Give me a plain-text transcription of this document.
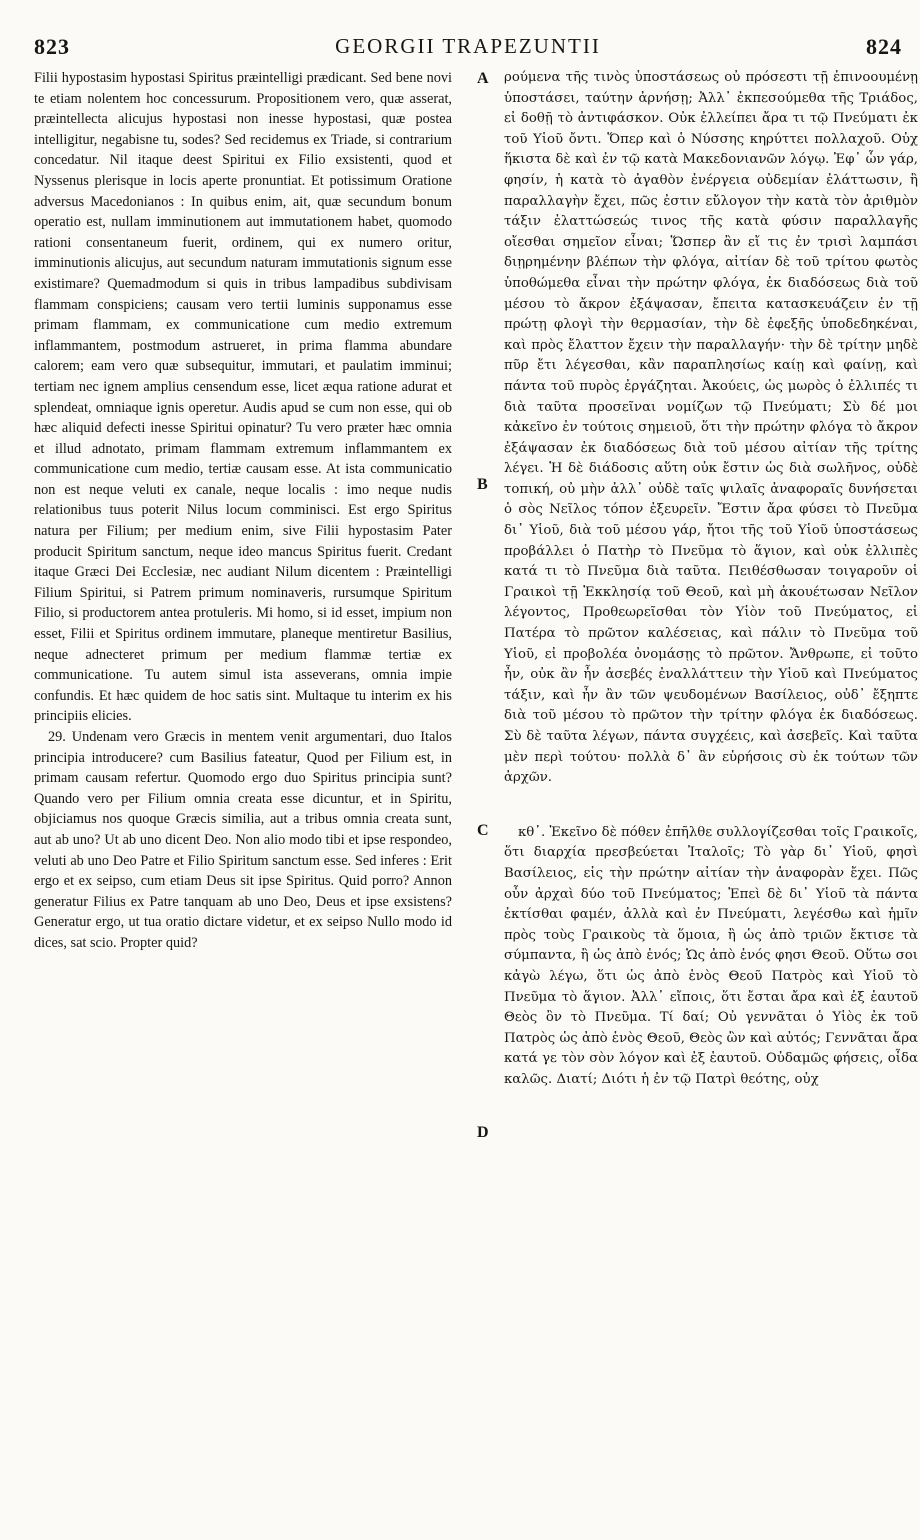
823	GEORGII TRAPEZUNTII	824

Filii hypostasim hypostasi Spiritus præintelligi prædicant. Sed bene novi te etiam nolentem hoc concessurum. Propositionem vero, quæ asserat, præintellecta alicujus hypostasi non inesse hypostasi, quæ postea intelligitur, negabisne tu, sodes? Sed recidemus ex Triade, si contrarium concedatur. Nil itaque deest Spiritui ex Filio exsistenti, quod et Nyssenus plerisque in locis aperte pronuntiat. Et potissimum Oratione adversus Macedonianos : In quibus enim, ait, quæ secundum bonum operatio est, nullam imminutionem aut immutationem habet, quomodo rationi consentaneum fuerit, ordinem, qui ex numero oritur, imminutionis alicujus, aut secundum naturam immutationis signum esse existimare? Quemadmodum si quis in tribus lampadibus subdivisam flammam conspiciens; causam vero tertii luminis supponamus esse primam flammam, ex communicatione cum medio extremum inflammantem, postmodum astrueret, in prima flamma abundare calorem; eam vero quæ subsequitur, immutari, et paulatim imminui; tertiam nec ignem amplius censendum esse, licet æqua ratione adurat et splendeat, omniaque ignis operetur. Audis apud se cum non esse, qui ob hæc aliquid defecti inesse Spiritui opinatur? Tu vero præter hæc omnia et illud adnotato, primam flammam extremum inflammantem ex communicatione cum medio, tertiæ causam esse. At ista communicatio non est neque veluti ex canale, neque localis : imo neque nudis relationibus tuus poterit Nilus locum comminisci. Est ergo Spiritus natura per Filium; per medium enim, sive Filii hypostasim Pater producit Spiritum sanctum, neque ideo mancus Spiritus fuerit. Credant itaque Græci Dei Ecclesiæ, nec audiant Nilum dicentem : Præintelligi Filium Spiritui, si Patrem primum nominaveris, rursumque Spiritum Filio, si productorem antea protuleris. Mi homo, si id esset, impium non esset, Filii et Spiritus ordinem immutare, planeque mentiretur Basilius, neque adnecteret primum per medium flammæ tertiæ ex communicatione. Tu autem simul ista asseverans, omnia impie confundis. Et hæc quidem de hoc satis sint. Multaque tu interim ex his principiis elicies.

29. Undenam vero Græcis in mentem venit argumentari, duo Italos principia introducere? cum Basilius fateatur, Quod per Filium est, in primam causam refertur. Quomodo ergo duo Spiritus principia sunt? Quando vero per Filium omnia creata esse dicuntur, et in Spiritu, objiciamus nos quoque Græcis similia, aut a tribus omnia creata sunt, aut ab uno? Ut ab uno dicent Deo. Non alio modo tibi et ipse respondeo, veluti ab uno Deo Patre et Filio Spiritum sanctum esse. Sed inferes : Erit ergo et ex seipso, cum etiam Deus sit ipse Spiritus. Quid porro? Annon generatur Filius ex Patre tanquam ab uno Deo, Deus et ipse exsistens? Generatur ergo, ut tua oratio dictare videtur, et ex seipso Nullo modo id dices, sat scio. Propter quid?

A
B
C
D

ρούμενα τῆς τινὸς ὑποστάσεως οὐ πρόσεστι τῇ ἐπινοουμένῃ ὑποστάσει, ταύτην ἀρνήσῃ; Ἀλλ᾽ ἐκπεσούμεθα τῆς Τριάδος, εἰ δοθῇ τὸ ἀντιφάσκον. Οὐκ ἐλλείπει ἄρα τι τῷ Πνεύματι ἐκ τοῦ Υἱοῦ ὄντι. Ὅπερ καὶ ὁ Νύσσης κηρύττει πολλαχοῦ. Οὐχ ἥκιστα δὲ καὶ ἐν τῷ κατὰ Μακεδονιανῶν λόγῳ. Ἐφ᾽ ὧν γάρ, φησίν, ἡ κατὰ τὸ ἀγαθὸν ἐνέργεια οὐδεμίαν ἐλάττωσιν, ἢ παραλλαγὴν ἔχει, πῶς ἐστιν εὔλογον τὴν κατὰ τὸν ἀριθμὸν τάξιν ἐλαττώσεώς τινος τῆς κατὰ φύσιν παραλλαγῆς οἴεσθαι σημεῖον εἶναι; Ὥσπερ ἂν εἴ τις ἐν τρισὶ λαμπάσι διῃρημένην βλέπων τὴν φλόγα, αἰτίαν δὲ τοῦ τρίτου φωτὸς ὑποθώμεθα εἶναι τὴν πρώτην φλόγα, ἐκ διαδόσεως διὰ τοῦ μέσου τὸ ἄκρον ἐξάψασαν, ἔπειτα κατασκευάζειν ἐν τῇ πρώτῃ φλογὶ τὴν θερμασίαν, τὴν δὲ ἐφεξῆς ὑποδεδηκέναι, καὶ πρὸς ἔλαττον ἔχειν τὴν παραλλαγήν· τὴν δὲ τρίτην μηδὲ πῦρ ἔτι λέγεσθαι, κἂν παραπλησίως καίῃ καὶ φαίνῃ, καὶ πάντα τοῦ πυρὸς ἐργάζηται. Ἀκούεις, ὡς μωρὸς ὁ ἐλλιπές τι διὰ ταῦτα προσεῖναι νομίζων τῷ Πνεύματι; Σὺ δέ μοι κἀκεῖνο ἐν τούτοις σημειοῦ, ὅτι τὴν πρώτην φλόγα τὸ ἄκρον ἐξάψασαν ἐκ διαδόσεως διὰ τοῦ μέσου αἰτίαν τῆς τρίτης λέγει. Ἡ δὲ διάδοσις αὕτη οὐκ ἔστιν ὡς διὰ σωλῆνος, οὐδὲ τοπική, οὐ μὴν ἀλλ᾽ οὐδὲ ταῖς ψιλαῖς ἀναφοραῖς δυνήσεται ὁ σὸς Νεῖλος τόπον ἐξευρεῖν. Ἔστιν ἄρα φύσει τὸ Πνεῦμα δι᾽ Υἱοῦ, διὰ τοῦ μέσου γάρ, ἤτοι τῆς τοῦ Υἱοῦ ὑποστάσεως προβάλλει ὁ Πατὴρ τὸ Πνεῦμα τὸ ἅγιον, καὶ οὐκ ἐλλιπὲς κατά τι τὸ Πνεῦμα διὰ ταῦτα. Πειθέσθωσαν τοιγαροῦν οἱ Γραικοὶ τῇ Ἐκκλησίᾳ τοῦ Θεοῦ, καὶ μὴ ἀκουέτωσαν Νεῖλον λέγοντος, Προθεωρεῖσθαι τὸν Υἱὸν τοῦ Πνεύματος, εἰ Πατέρα τὸ πρῶτον καλέσειας, καὶ πάλιν τὸ Πνεῦμα τοῦ Υἱοῦ, εἰ προβολέα ὀνομάσῃς τὸ πρῶτον. Ἄνθρωπε, εἰ τοῦτο ἦν, οὐκ ἂν ἦν ἀσεβές ἐναλλάττειν τὴν Υἱοῦ καὶ Πνεύματος τάξιν, καὶ ἦν ἂν τῶν ψευδομένων Βασίλειος, οὐδ᾽ ἔξηπτε διὰ τοῦ μέσου τὸ πρῶτον τὴν τρίτην φλόγα ἐκ διαδόσεως. Σὺ δὲ ταῦτα λέγων, πάντα συγχέεις, καὶ ἀσεβεῖς. Καὶ ταῦτα μὲν περὶ τούτου· πολλὰ δ᾽ ἂν εὑρήσοις σὺ ἐκ τούτων τῶν ἀρχῶν.

κθ᾽. Ἐκεῖνο δὲ πόθεν ἐπῆλθε συλλογίζεσθαι τοῖς Γραικοῖς, ὅτι διαρχία πρεσβεύεται Ἰταλοῖς; Τὸ γὰρ δι᾽ Υἱοῦ, φησὶ Βασίλειος, εἰς τὴν πρώτην αἰτίαν τὴν ἀναφορὰν ἔχει. Πῶς οὖν ἀρχαὶ δύο τοῦ Πνεύματος; Ἐπεὶ δὲ δι᾽ Υἱοῦ τὰ πάντα ἐκτίσθαι φαμέν, ἀλλὰ καὶ ἐν Πνεύματι, λεγέσθω καὶ ἡμῖν πρὸς τοὺς Γραικοὺς τὰ ὅμοια, ἢ ὡς ἀπὸ τριῶν ἔκτισε τὰ σύμπαντα, ἢ ὡς ἀπὸ ἑνός; Ὡς ἀπὸ ἑνός φησι Θεοῦ. Οὕτω σοι κἀγὼ λέγω, ὅτι ὡς ἀπὸ ἑνὸς Θεοῦ Πατρὸς καὶ Υἱοῦ τὸ Πνεῦμα τὸ ἅγιον. Ἀλλ᾽ εἴποις, ὅτι ἔσται ἄρα καὶ ἐξ ἑαυτοῦ Θεὸς ὂν τὸ Πνεῦμα. Τί δαί; Οὐ γεννᾶται ὁ Υἱὸς ἐκ τοῦ Πατρὸς ὡς ἀπὸ ἑνὸς Θεοῦ, Θεὸς ὢν καὶ αὐτός; Γεννᾶται ἄρα κατά γε τὸν σὸν λόγον καὶ ἐξ ἑαυτοῦ. Οὐδαμῶς φήσεις, οἶδα καλῶς. Διατί; Διότι ἡ ἐν τῷ Πατρὶ θεότης, οὐχ
